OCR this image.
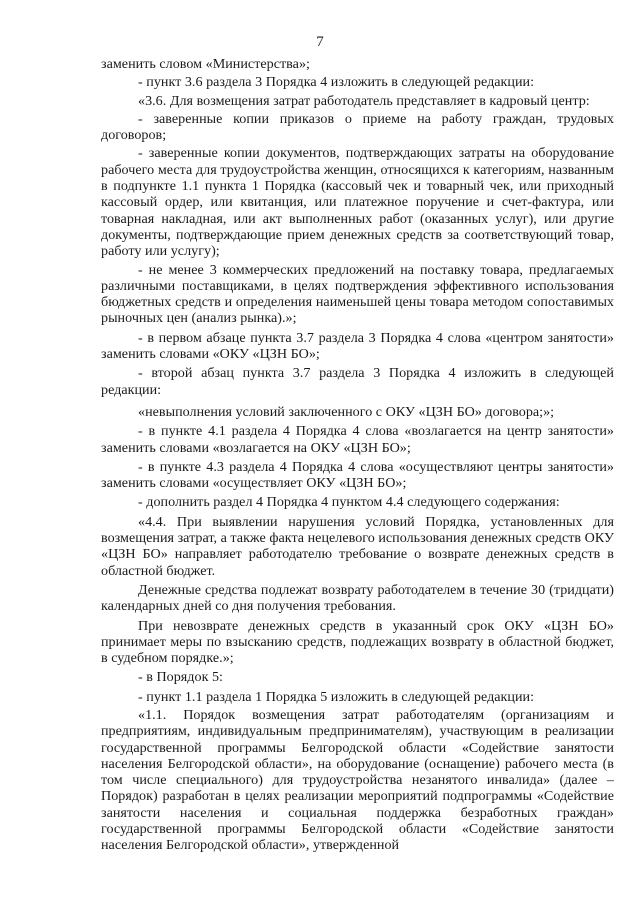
7

заменить словом «Министерства»;

- пункт 3.6 раздела 3 Порядка 4 изложить в следующей редакции:

«3.6. Для возмещения затрат работодатель представляет в кадровый центр:

- заверенные копии приказов о приеме на работу граждан, трудовых договоров;

- заверенные копии документов, подтверждающих затраты на оборудование рабочего места для трудоустройства женщин, относящихся к категориям, названным в подпункте 1.1 пункта 1 Порядка (кассовый чек и товарный чек, или приходный кассовый ордер, или квитанция, или платежное поручение и счет-фактура, или товарная накладная, или акт выполненных работ (оказанных услуг), или другие документы, подтверждающие прием денежных средств за соответствующий товар, работу или услугу);

- не менее 3 коммерческих предложений на поставку товара, предлагаемых различными поставщиками, в целях подтверждения эффективного использования бюджетных средств и определения наименьшей цены товара методом сопоставимых рыночных цен (анализ рынка).»;

- в первом абзаце пункта 3.7 раздела 3 Порядка 4 слова «центром занятости» заменить словами «ОКУ «ЦЗН БО»;

- второй абзац пункта 3.7 раздела 3 Порядка 4 изложить в следующей редакции:

«невыполнения условий заключенного с ОКУ «ЦЗН БО» договора;»;

- в пункте 4.1 раздела 4 Порядка 4 слова «возлагается на центр занятости» заменить словами «возлагается на ОКУ «ЦЗН БО»;

- в пункте 4.3 раздела 4 Порядка 4 слова «осуществляют центры занятости» заменить словами «осуществляет ОКУ «ЦЗН БО»;

- дополнить раздел 4 Порядка 4 пунктом 4.4 следующего содержания:

«4.4. При выявлении нарушения условий Порядка, установленных для возмещения затрат, а также факта нецелевого использования денежных средств ОКУ «ЦЗН БО» направляет работодателю требование о возврате денежных средств в областной бюджет.

Денежные средства подлежат возврату работодателем в течение 30 (тридцати) календарных дней со дня получения требования.

При невозврате денежных средств в указанный срок ОКУ «ЦЗН БО» принимает меры по взысканию средств, подлежащих возврату в областной бюджет, в судебном порядке.»;

- в Порядок 5:

- пункт 1.1 раздела 1 Порядка 5 изложить в следующей редакции:

«1.1. Порядок возмещения затрат работодателям (организациям и предприятиям, индивидуальным предпринимателям), участвующим в реализации государственной программы Белгородской области «Содействие занятости населения Белгородской области», на оборудование (оснащение) рабочего места (в том числе специального) для трудоустройства незанятого инвалида» (далее – Порядок) разработан в целях реализации мероприятий подпрограммы «Содействие занятости населения и социальная поддержка безработных граждан» государственной программы Белгородской области «Содействие занятости населения Белгородской области», утвержденной
